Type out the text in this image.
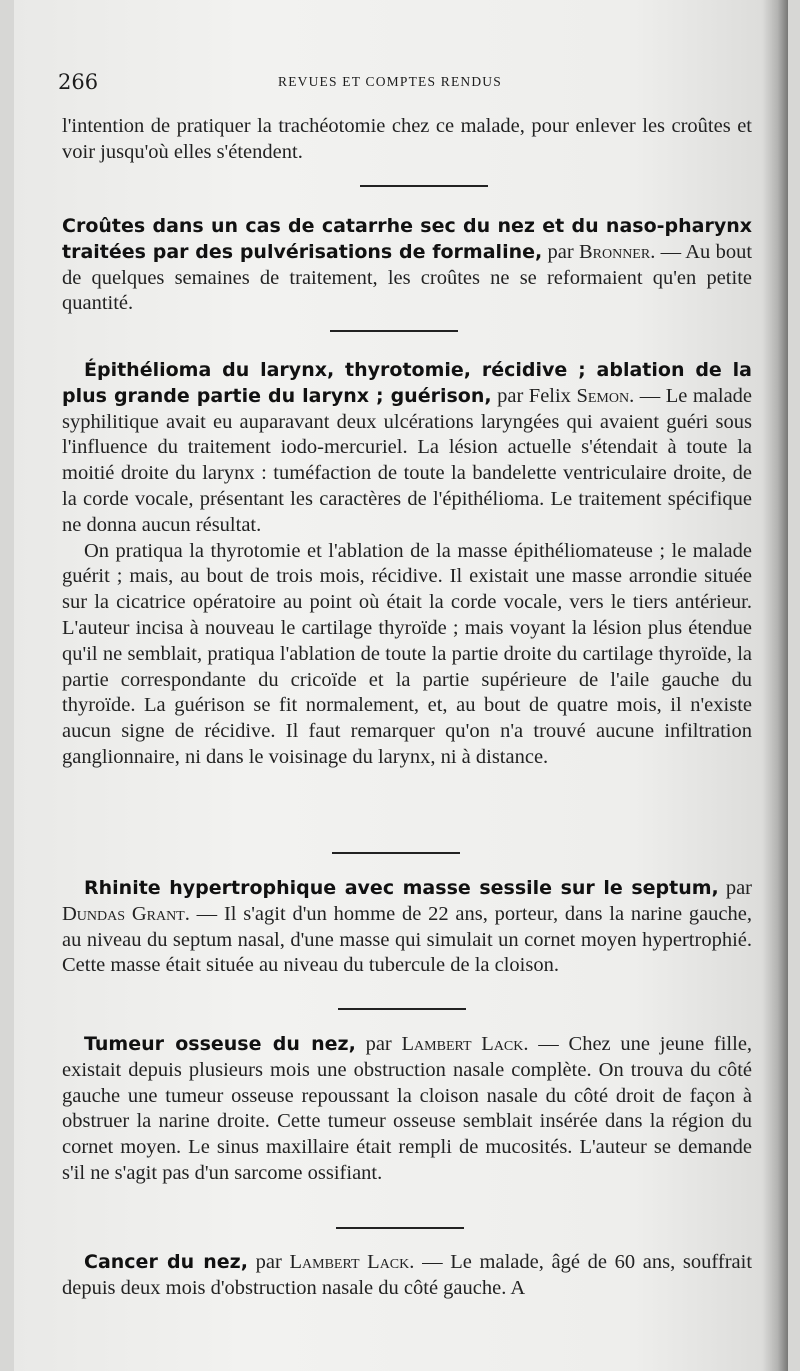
266	REVUES ET COMPTES RENDUS

l'intention de pratiquer la trachéotomie chez ce malade, pour enlever les croûtes et voir jusqu'où elles s'étendent.

Croûtes dans un cas de catarrhe sec du nez et du naso-pharynx traitées par des pulvérisations de formaline, par Bronner. — Au bout de quelques semaines de traitement, les croûtes ne se reformaient qu'en petite quantité.

Épithélioma du larynx, thyrotomie, récidive ; ablation de la plus grande partie du larynx ; guérison, par Felix Semon. — Le malade syphilitique avait eu auparavant deux ulcérations laryngées qui avaient guéri sous l'influence du traitement iodo-mercuriel. La lésion actuelle s'étendait à toute la moitié droite du larynx : tuméfaction de toute la bandelette ventriculaire droite, de la corde vocale, présentant les caractères de l'épithélioma. Le traitement spécifique ne donna aucun résultat.

On pratiqua la thyrotomie et l'ablation de la masse épithéliomateuse ; le malade guérit ; mais, au bout de trois mois, récidive. Il existait une masse arrondie située sur la cicatrice opératoire au point où était la corde vocale, vers le tiers antérieur. L'auteur incisa à nouveau le cartilage thyroïde ; mais voyant la lésion plus étendue qu'il ne semblait, pratiqua l'ablation de toute la partie droite du cartilage thyroïde, la partie correspondante du cricoïde et la partie supérieure de l'aile gauche du thyroïde. La guérison se fit normalement, et, au bout de quatre mois, il n'existe aucun signe de récidive. Il faut remarquer qu'on n'a trouvé aucune infiltration ganglionnaire, ni dans le voisinage du larynx, ni à distance.

Rhinite hypertrophique avec masse sessile sur le septum, par Dundas Grant. — Il s'agit d'un homme de 22 ans, porteur, dans la narine gauche, au niveau du septum nasal, d'une masse qui simulait un cornet moyen hypertrophié. Cette masse était située au niveau du tubercule de la cloison.

Tumeur osseuse du nez, par Lambert Lack. — Chez une jeune fille, existait depuis plusieurs mois une obstruction nasale complète. On trouva du côté gauche une tumeur osseuse repoussant la cloison nasale du côté droit de façon à obstruer la narine droite. Cette tumeur osseuse semblait insérée dans la région du cornet moyen. Le sinus maxillaire était rempli de mucosités. L'auteur se demande s'il ne s'agit pas d'un sarcome ossifiant.

Cancer du nez, par Lambert Lack. — Le malade, âgé de 60 ans, souffrait depuis deux mois d'obstruction nasale du côté gauche. A
